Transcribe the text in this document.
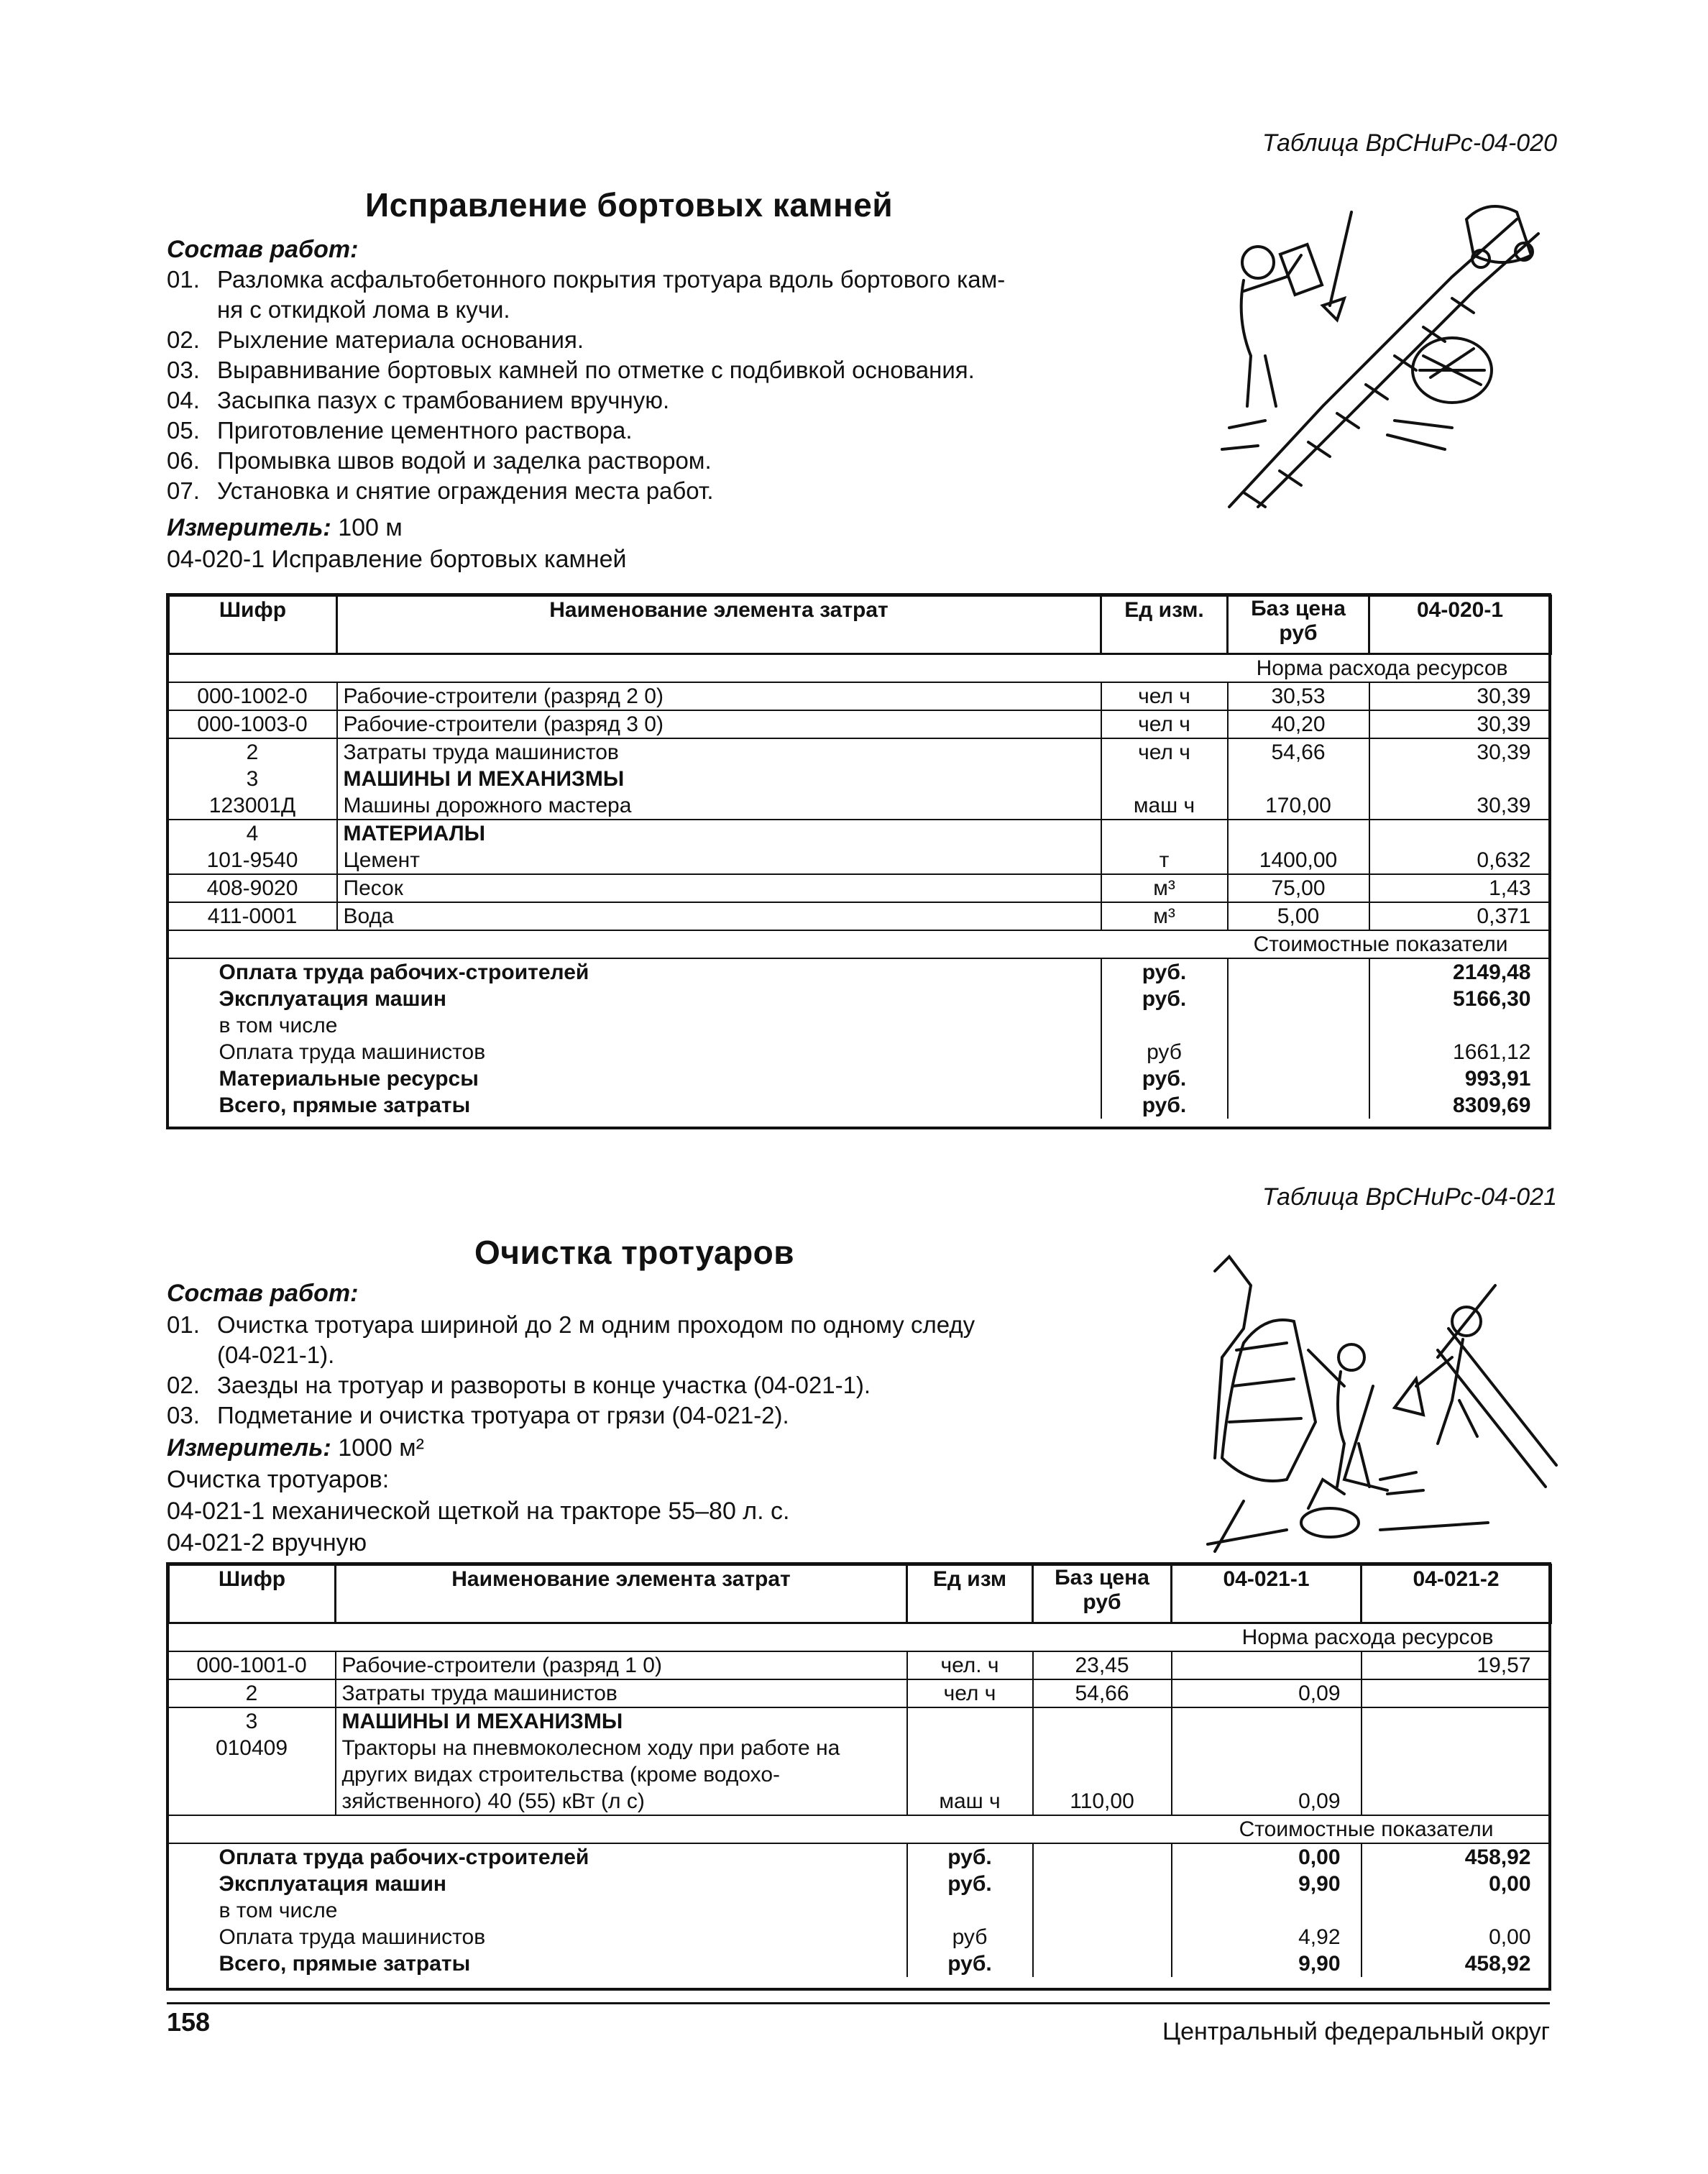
Таблица ВрСНиРс-04-020
Исправление бортовых камней
Состав работ:
01. Разломка асфальтобетонного покрытия тротуара вдоль бортового кам-
ня с откидкой лома в кучи.
02. Рыхление материала основания.
03. Выравнивание бортовых камней по отметке с подбивкой основания.
04. Засыпка пазух с трамбованием вручную.
05. Приготовление цементного раствора.
06. Промывка швов водой и заделка раствором.
07. Установка и снятие ограждения места работ.
Измеритель: 100 м
04-020-1 Исправление бортовых камней
Шифр	Наименование элемента затрат	Ед изм.	Баз цена руб	04-020-1
Норма расхода ресурсов				
000-1002-0	Рабочие-строители (разряд 2 0)	чел ч	30,53	30,39
000-1003-0	Рабочие-строители (разряд 3 0)	чел ч	40,20	30,39
2	Затраты труда машинистов	чел ч	54,66	30,39
3	МАШИНЫ И МЕХАНИЗМЫ			
123001Д	Машины дорожного мастера	маш ч	170,00	30,39
4	МАТЕРИАЛЫ			
101-9540	Цемент	т	1400,00	0,632
408-9020	Песок	м³	75,00	1,43
411-0001	Вода	м³	5,00	0,371
Стоимостные показатели				
Оплата труда рабочих-строителей		руб.		2149,48
Эксплуатация машин		руб.		5166,30
в том числе				
Оплата труда машинистов		руб		1661,12
Материальные ресурсы		руб.		993,91
Всего, прямые затраты		руб.		8309,69
Таблица ВрСНиРс-04-021
Очистка тротуаров
Состав работ:
01. Очистка тротуара шириной до 2 м одним проходом по одному следу
(04-021-1).
02. Заезды на тротуар и развороты в конце участка (04-021-1).
03. Подметание и очистка тротуара от грязи (04-021-2).
Измеритель: 1000 м²
Очистка тротуаров:
04-021-1 механической щеткой на тракторе 55–80 л. с.
04-021-2 вручную
Шифр	Наименование элемента затрат	Ед изм	Баз цена руб	04-021-1	04-021-2
Норма расхода ресурсов					
000-1001-0	Рабочие-строители (разряд 1 0)	чел. ч	23,45		19,57
2	Затраты труда машинистов	чел ч	54,66	0,09	
3	МАШИНЫ И МЕХАНИЗМЫ				
010409	Тракторы на пневмоколесном ходу при работе на других видах строительства (кроме водохо-зяйственного) 40 (55) кВт (л с)	маш ч	110,00	0,09	
Стоимостные показатели					
Оплата труда рабочих-строителей		руб.		0,00	458,92
Эксплуатация машин		руб.		9,90	0,00
в том числе					
Оплата труда машинистов		руб		4,92	0,00
Всего, прямые затраты		руб.		9,90	458,92
158	Центральный федеральный округ
